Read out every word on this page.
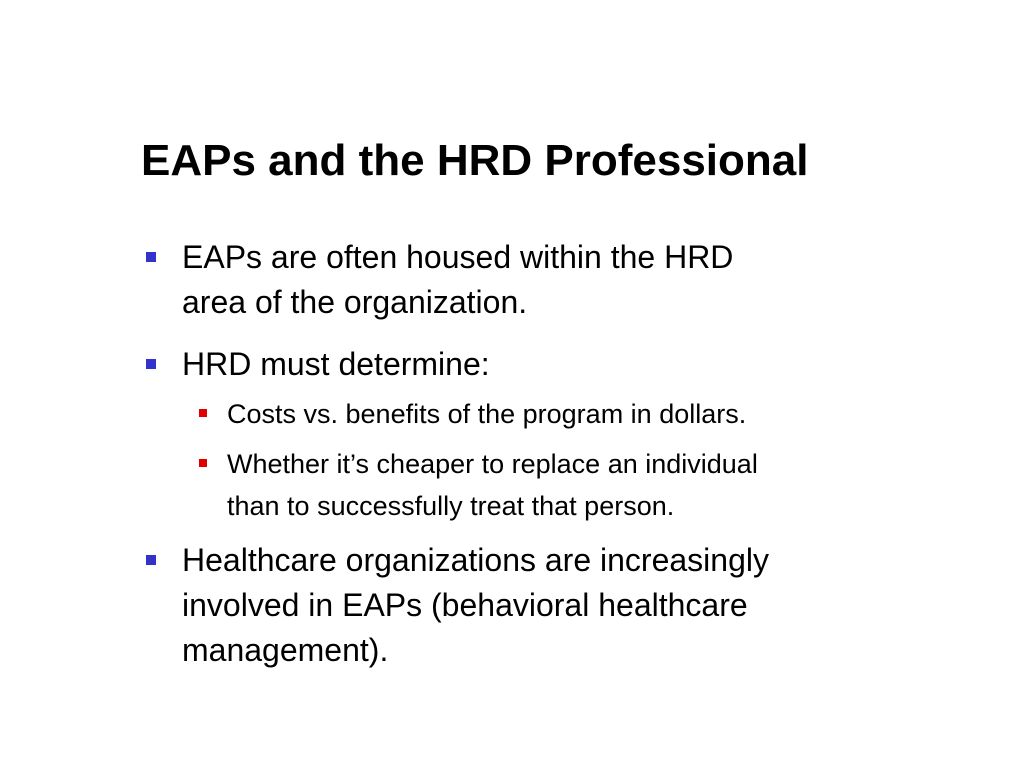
EAPs and the HRD Professional
EAPs are often housed within the HRD
area of the organization.
HRD must determine:
Costs vs. benefits of the program in dollars.
Whether it’s cheaper to replace an individual
than to successfully treat that person.
Healthcare organizations are increasingly
involved in EAPs (behavioral healthcare
management).
